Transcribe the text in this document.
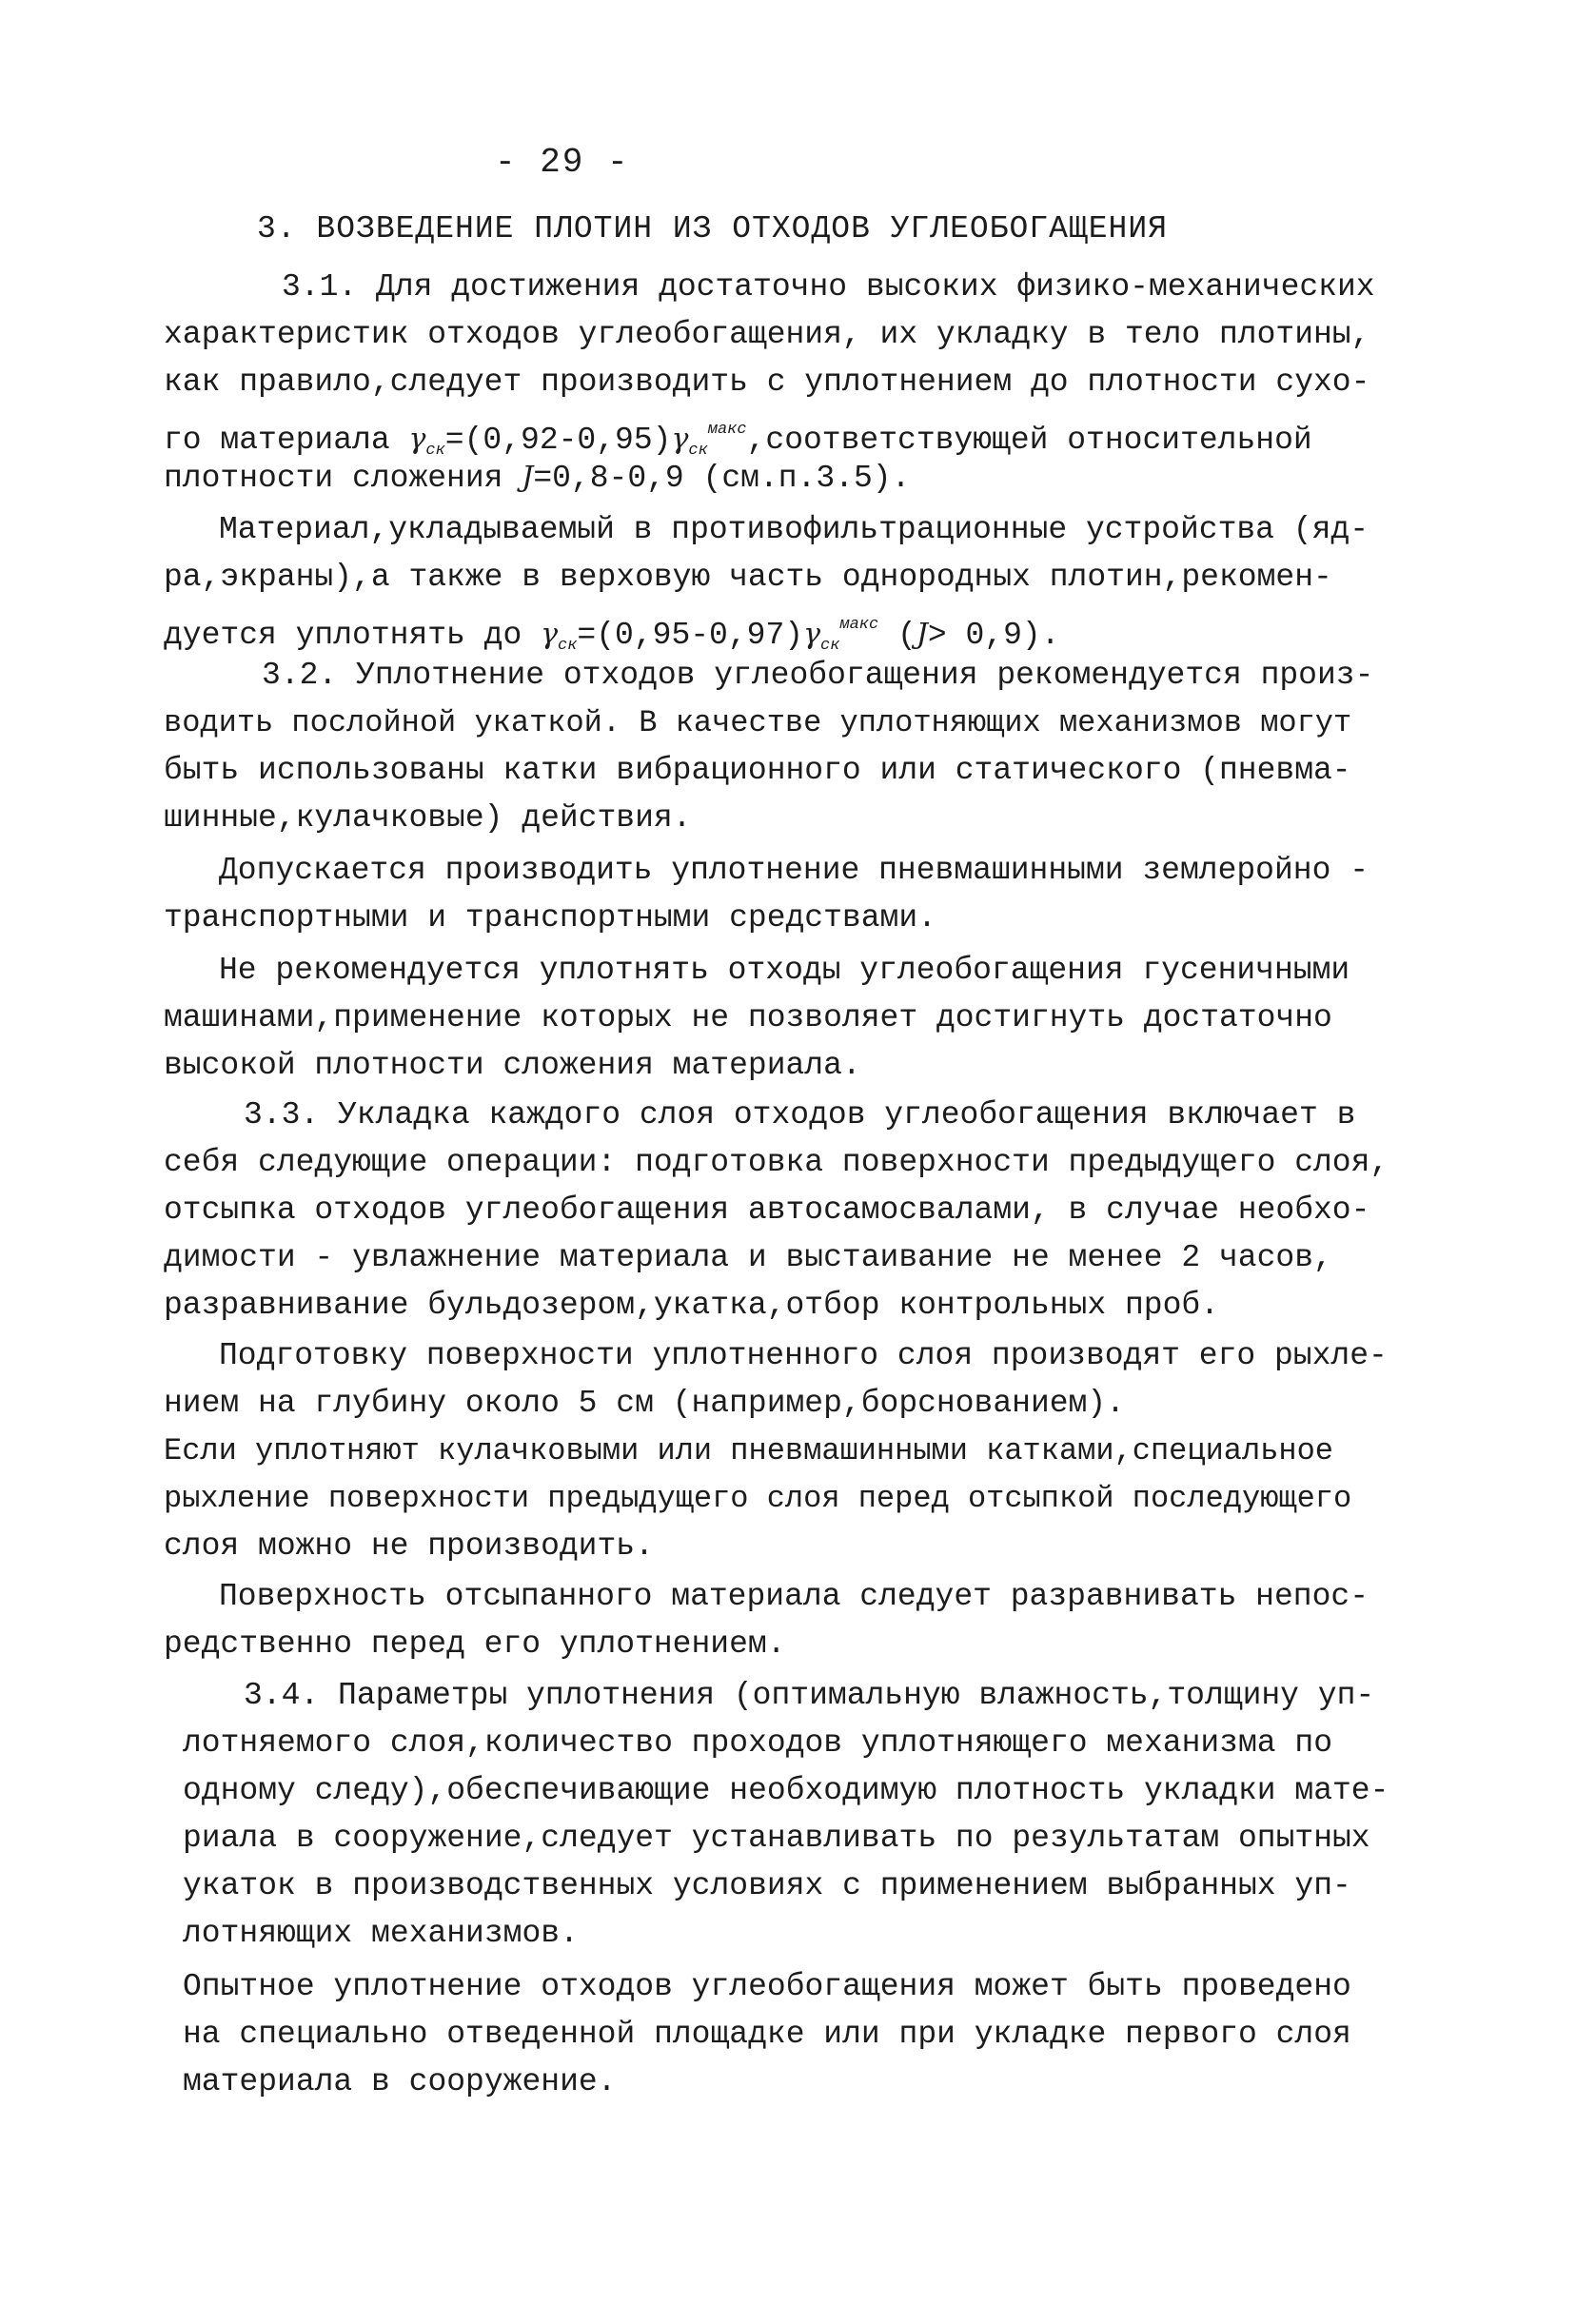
- 29 -
3. ВОЗВЕДЕНИЕ ПЛОТИН ИЗ ОТХОДОВ УГЛЕОБОГАЩЕНИЯ
3.1. Для достижения достаточно высоких физико-механических
характеристик отходов углеобогащения, их укладку в тело плотины,
как правило,следует производить с уплотнением до плотности сухо-
го материала $\gamma_{ск}=(0,92-0,95)\gamma_{ск}^{макс},соответствующей$ относительной
плотности сложения J=0,8-0,9 (см.п.3.5).
Материал,укладываемый в противофильтрационные устройства (яд-
ра,экраны),а также в верховую часть однородных плотин,рекомен-
дуется уплотнять до $\gamma_{ск}=(0,95-0,97)\gamma_{ск}^{макс}$ (J> 0,9).
3.2. Уплотнение отходов углеобогащения рекомендуется произ-
водить послойной укаткой. В качестве уплотняющих механизмов могут
быть использованы катки вибрационного или статического (пневма-
шинные,кулачковые) действия.
Допускается производить уплотнение пневмашинными землеройно -
транспортными и транспортными средствами.
Не рекомендуется уплотнять отходы углеобогащения гусеничными
машинами,применение которых не позволяет достигнуть достаточно
высокой плотности сложения материала.
3.3. Укладка каждого слоя отходов углеобогащения включает в
себя следующие операции: подготовка поверхности предыдущего слоя,
отсыпка отходов углеобогащения автосамосвалами, в случае необхо-
димости - увлажнение материала и выстаивание не менее 2 часов,
разравнивание бульдозером,укатка,отбор контрольных проб.
Подготовку поверхности уплотненного слоя производят его рыхле-
нием на глубину около 5 см (например,борснованием).
Если уплотняют кулачковыми или пневмашинными катками,специальное
рыхление поверхности предыдущего слоя перед отсыпкой последующего
слоя можно не производить.
Поверхность отсыпанного материала следует разравнивать непос-
редственно перед его уплотнением.
3.4. Параметры уплотнения (оптимальную влажность,толщину уп-
лотняемого слоя,количество проходов уплотняющего механизма по
одному следу),обеспечивающие необходимую плотность укладки мате-
риала в сооружение,следует устанавливать по результатам опытных
укаток в производственных условиях с применением выбранных уп-
лотняющих механизмов.
Опытное уплотнение отходов углеобогащения может быть проведено
на специально отведенной площадке или при укладке первого слоя
материала в сооружение.
